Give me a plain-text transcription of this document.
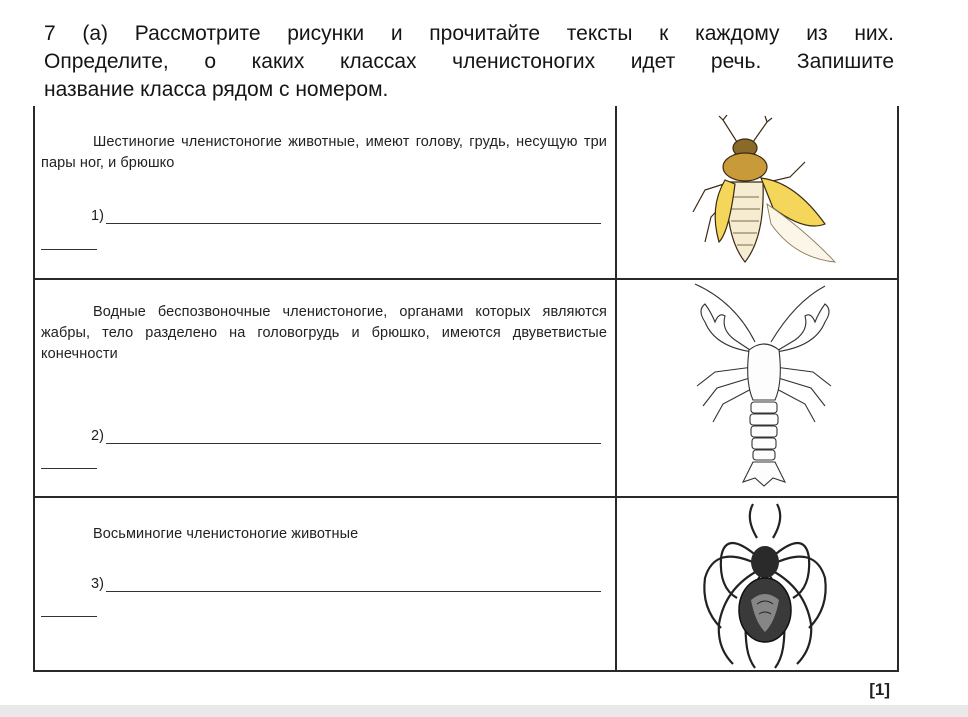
7 (a) Рассмотрите рисунки и прочитайте тексты к каждому из них.
Определите, о каких классах членистоногих идет речь. Запишите
название класса рядом с номером.
Шестиногие членистоногие животные, имеют голову, грудь, несущую три пары ног, и брюшко
1)
Водные беспозвоночные членистоногие, органами которых являются жабры, тело разделено на головогрудь и брюшко, имеются двуветвистые конечности
2)
Восьминогие членистоногие животные
3)
[1]
